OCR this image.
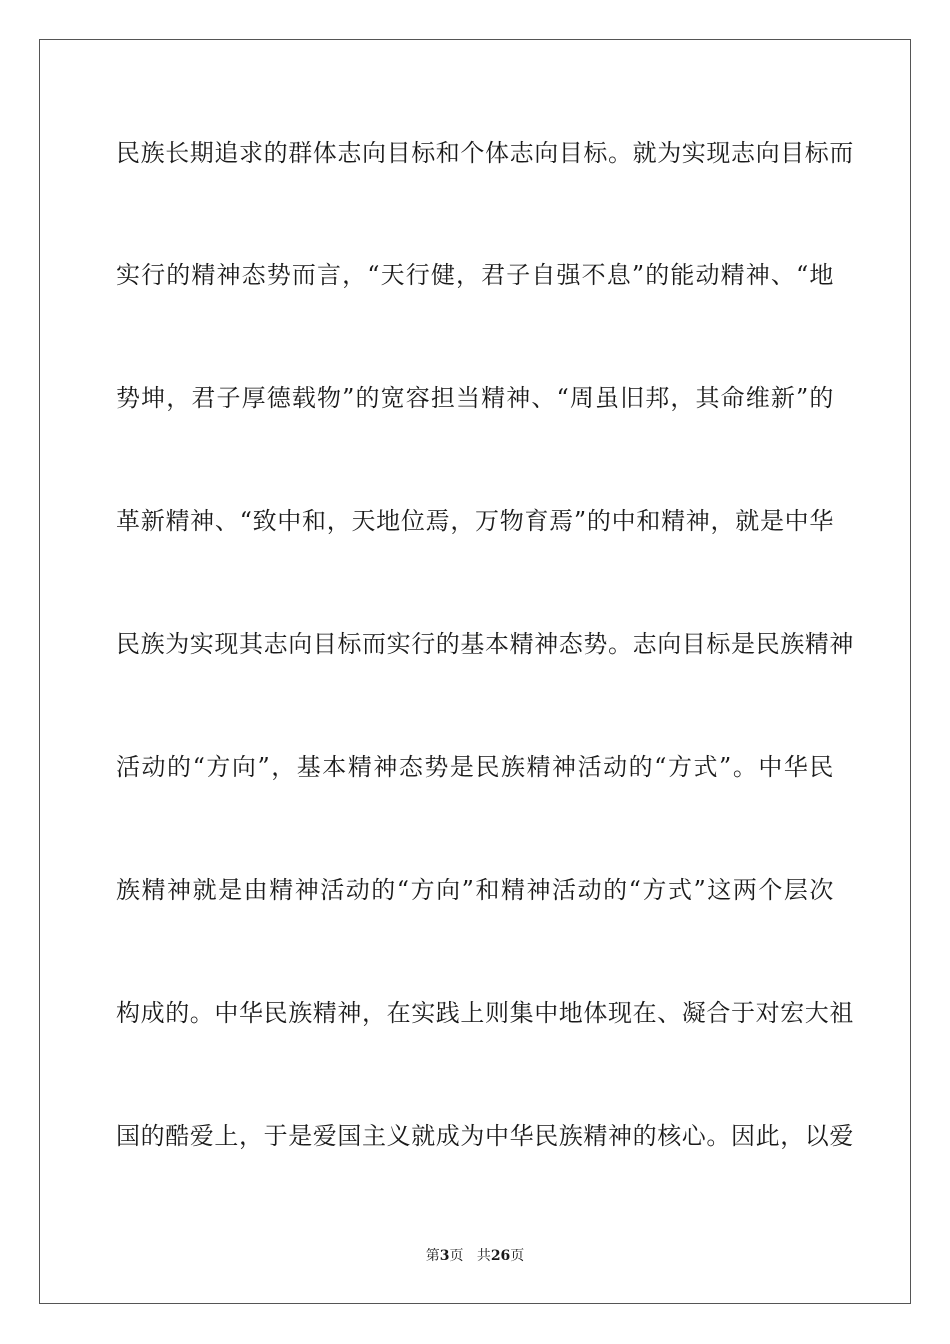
民族长期追求的群体志向目标和个体志向目标。就为实现志向目标而
实行的精神态势而言，“天行健，君子自强不息”的能动精神、“地
势坤，君子厚德载物”的宽容担当精神、“周虽旧邦，其命维新”的
革新精神、“致中和，天地位焉，万物育焉”的中和精神，就是中华
民族为实现其志向目标而实行的基本精神态势。志向目标是民族精神
活动的“方向”，基本精神态势是民族精神活动的“方式”。中华民
族精神就是由精神活动的“方向”和精神活动的“方式”这两个层次
构成的。中华民族精神，在实践上则集中地体现在、凝合于对宏大祖
国的酷爱上，于是爱国主义就成为中华民族精神的核心。因此，以爱
第3页 共26页
